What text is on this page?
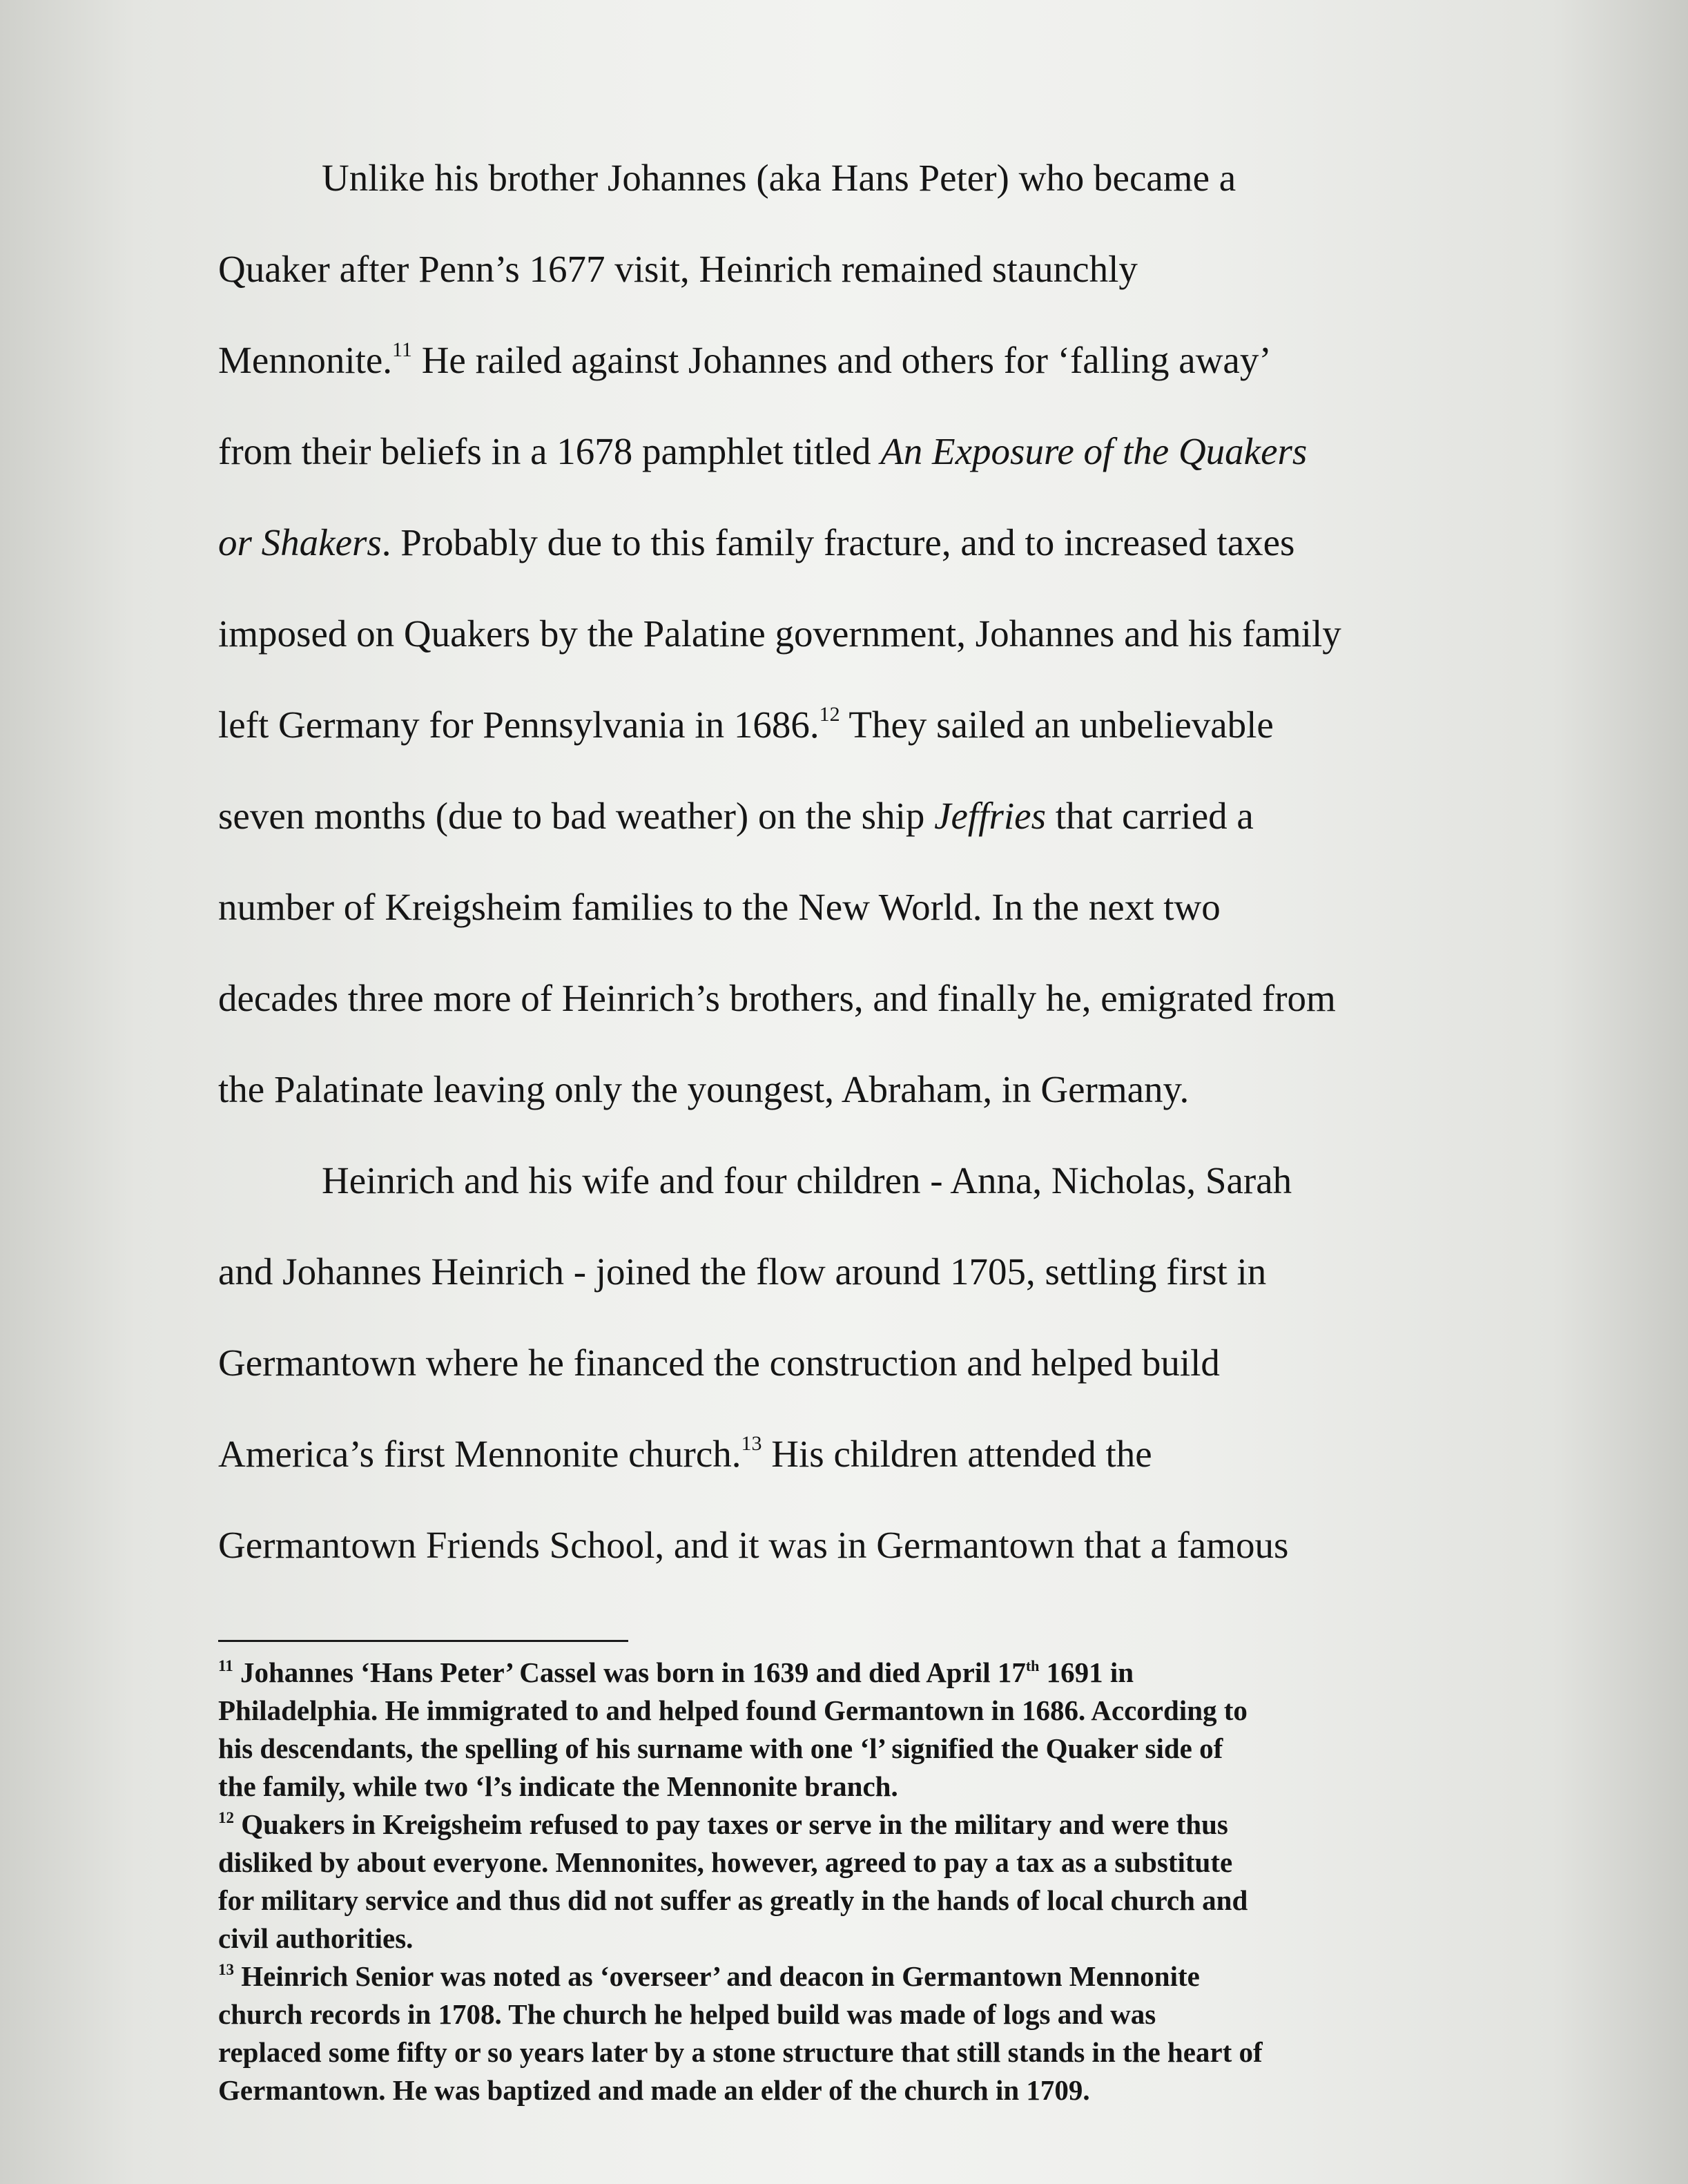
Unlike his brother Johannes (aka Hans Peter) who became a
Quaker after Penn’s 1677 visit, Heinrich remained staunchly
Mennonite.$^{11}$ He railed against Johannes and others for ‘falling away’
from their beliefs in a 1678 pamphlet titled An Exposure of the Quakers
or Shakers. Probably due to this family fracture, and to increased taxes
imposed on Quakers by the Palatine government, Johannes and his family
left Germany for Pennsylvania in 1686.12 They sailed an unbelievable
seven months (due to bad weather) on the ship Jeffries that carried a
number of Kreigsheim families to the New World. In the next two
decades three more of Heinrich’s brothers, and finally he, emigrated from
the Palatinate leaving only the youngest, Abraham, in Germany.
Heinrich and his wife and four children - Anna, Nicholas, Sarah
and Johannes Heinrich - joined the flow around 1705, settling first in
Germantown where he financed the construction and helped build
America’s first Mennonite church.$^{13}$ His children attended the
Germantown Friends School, and it was in Germantown that a famous
$^{11}$ Johannes ‘Hans Peter’ Cassel was born in 1639 and died April 17th 1691 in
Philadelphia. He immigrated to and helped found Germantown in 1686. According to
his descendants, the spelling of his surname with one ‘l’ signified the Quaker side of
the family, while two ‘l’s indicate the Mennonite branch.
$^{12}$ Quakers in Kreigsheim refused to pay taxes or serve in the military and were thus
disliked by about everyone. Mennonites, however, agreed to pay a tax as a substitute
for military service and thus did not suffer as greatly in the hands of local church and
civil authorities.
$^{13}$ Heinrich Senior was noted as ‘overseer’ and deacon in Germantown Mennonite
church records in 1708. The church he helped build was made of logs and was
replaced some fifty or so years later by a stone structure that still stands in the heart of
Germantown. He was baptized and made an elder of the church in 1709.
